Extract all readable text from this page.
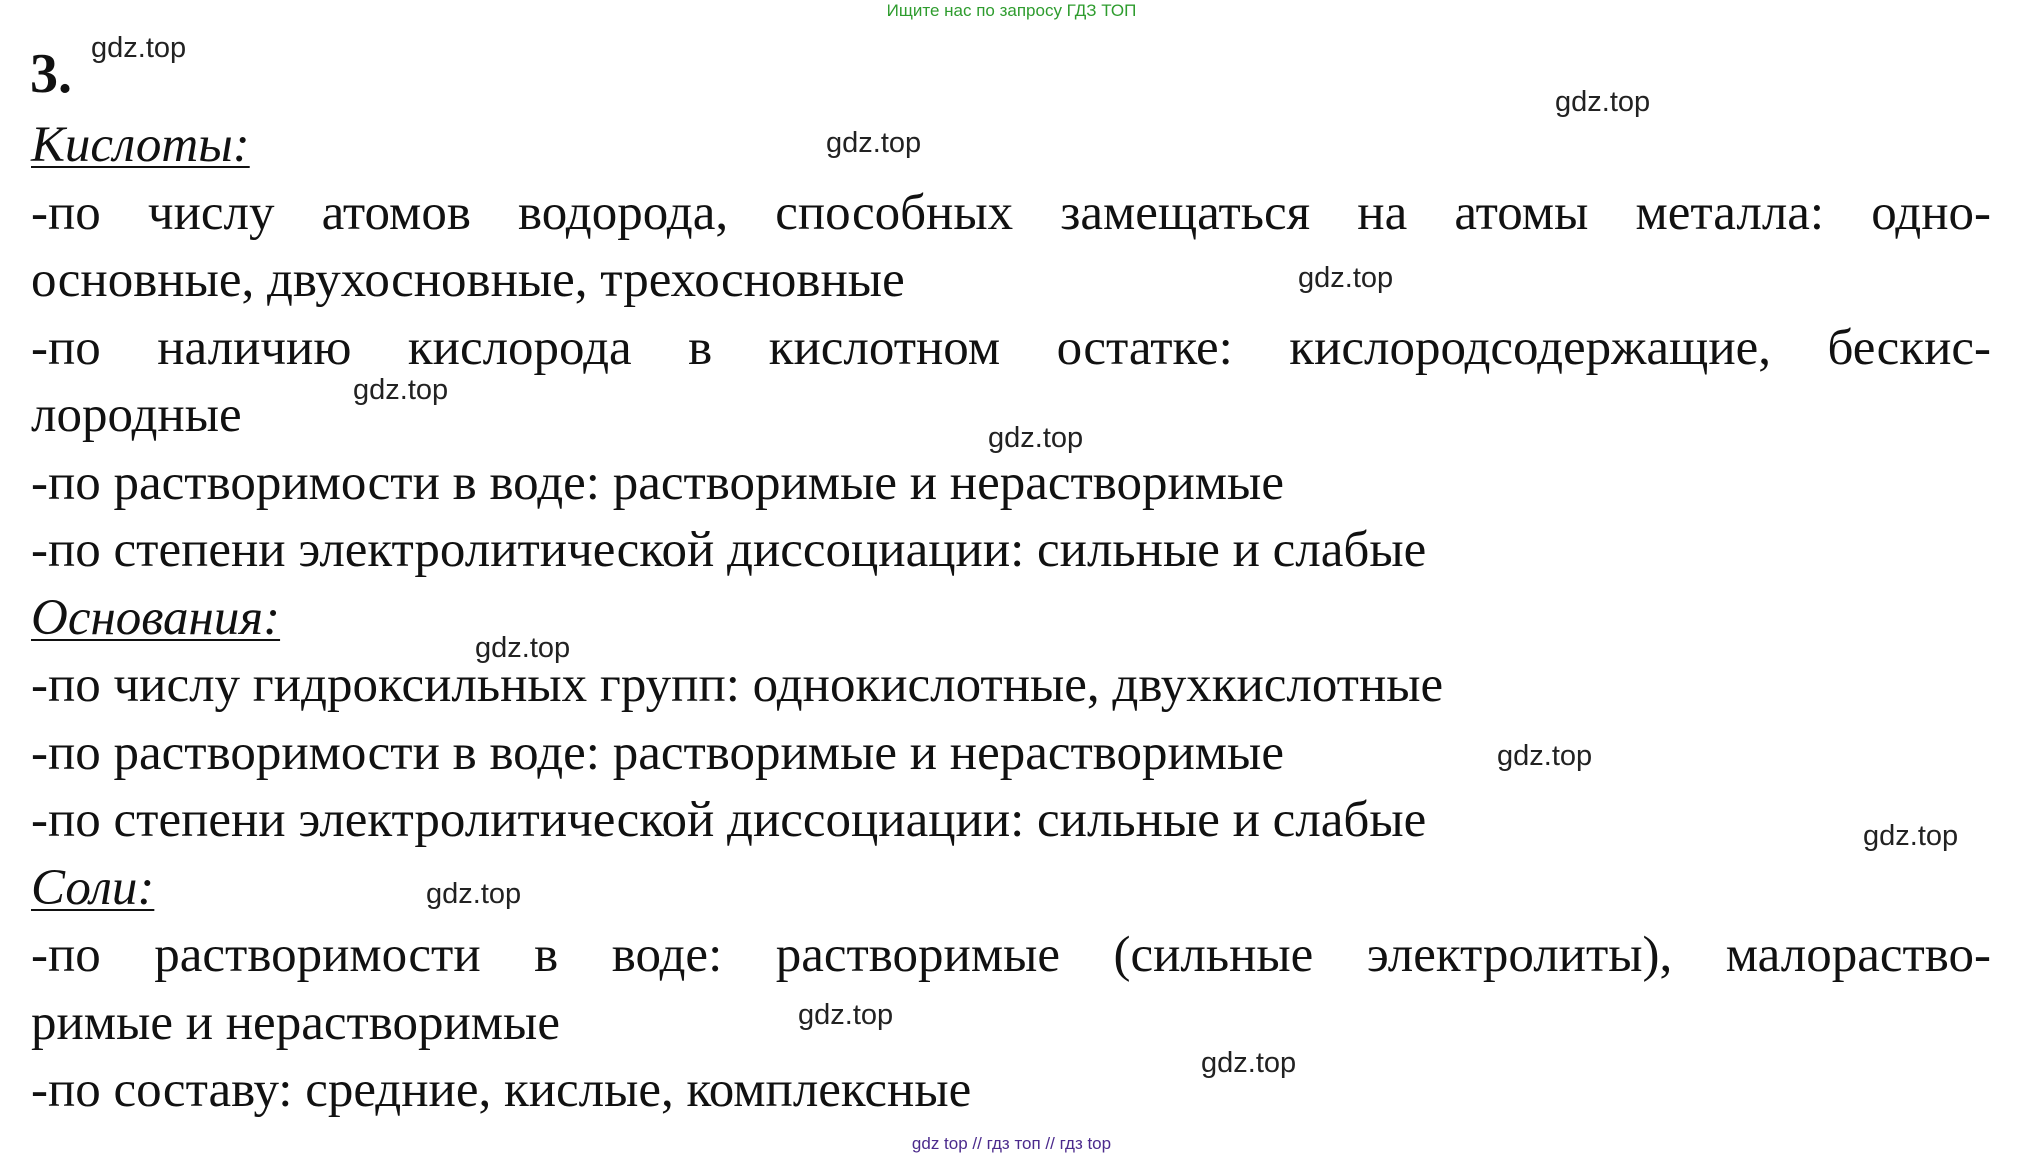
Ищите нас по запросу ГДЗ ТОП
3.
Кислоты:
-по числу атомов водорода, способных замещаться на атомы металла: одно-
основные, двухосновные, трехосновные
-по наличию кислорода в кислотном остатке: кислородсодержащие, бескис-
лородные
-по растворимости в воде: растворимые и нерастворимые
-по степени электролитической диссоциации: сильные и слабые
Основания:
-по числу гидроксильных групп: однокислотные, двухкислотные
-по растворимости в воде: растворимые и нерастворимые
-по степени электролитической диссоциации: сильные и слабые
Соли:
-по растворимости в воде: растворимые (сильные электролиты), малораство-
римые и нерастворимые
-по составу: средние, кислые, комплексные
gdz.top
gdz.top
gdz.top
gdz.top
gdz.top
gdz.top
gdz.top
gdz.top
gdz.top
gdz.top
gdz.top
gdz.top
gdz top // гдз топ // гдз top
